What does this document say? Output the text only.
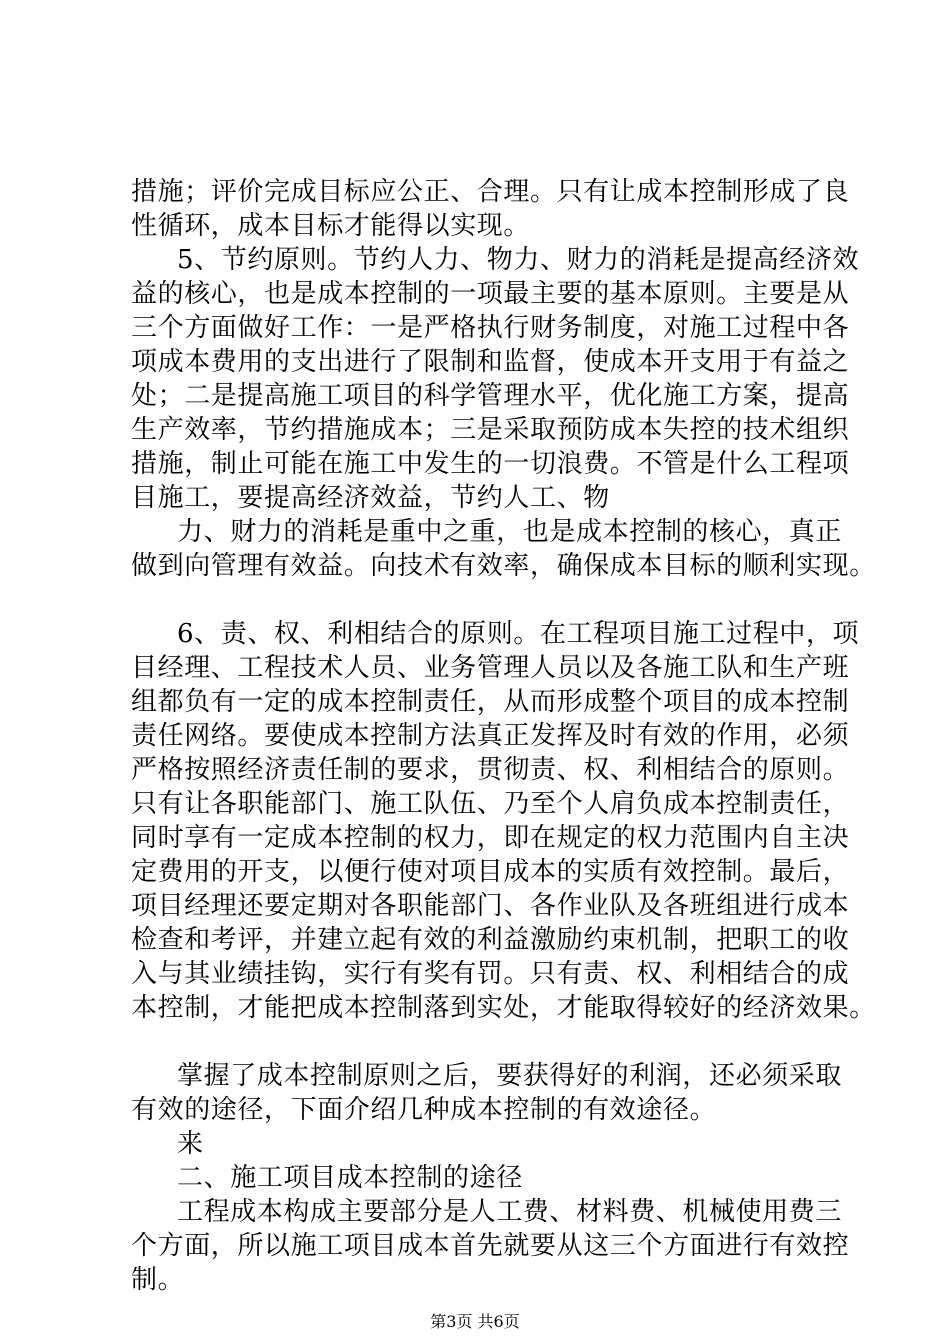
措施；评价完成目标应公正、合理。只有让成本控制形成了良
性循环，成本目标才能得以实现。
5、节约原则。节约人力、物力、财力的消耗是提高经济效
益的核心，也是成本控制的一项最主要的基本原则。主要是从
三个方面做好工作：一是严格执行财务制度，对施工过程中各
项成本费用的支出进行了限制和监督，使成本开支用于有益之
处；二是提高施工项目的科学管理水平，优化施工方案，提高
生产效率，节约措施成本；三是采取预防成本失控的技术组织
措施，制止可能在施工中发生的一切浪费。不管是什么工程项
目施工，要提高经济效益，节约人工、物
力、财力的消耗是重中之重，也是成本控制的核心，真正
做到向管理有效益。向技术有效率，确保成本目标的顺利实现。
6、责、权、利相结合的原则。在工程项目施工过程中，项
目经理、工程技术人员、业务管理人员以及各施工队和生产班
组都负有一定的成本控制责任，从而形成整个项目的成本控制
责任网络。要使成本控制方法真正发挥及时有效的作用，必须
严格按照经济责任制的要求，贯彻责、权、利相结合的原则。
只有让各职能部门、施工队伍、乃至个人肩负成本控制责任，
同时享有一定成本控制的权力，即在规定的权力范围内自主决
定费用的开支，以便行使对项目成本的实质有效控制。最后，
项目经理还要定期对各职能部门、各作业队及各班组进行成本
检查和考评，并建立起有效的利益激励约束机制，把职工的收
入与其业绩挂钩，实行有奖有罚。只有责、权、利相结合的成
本控制，才能把成本控制落到实处，才能取得较好的经济效果。
掌握了成本控制原则之后，要获得好的利润，还必须采取
有效的途径，下面介绍几种成本控制的有效途径。
来
二、施工项目成本控制的途径
工程成本构成主要部分是人工费、材料费、机械使用费三
个方面，所以施工项目成本首先就要从这三个方面进行有效控
制。
第3页 共6页
